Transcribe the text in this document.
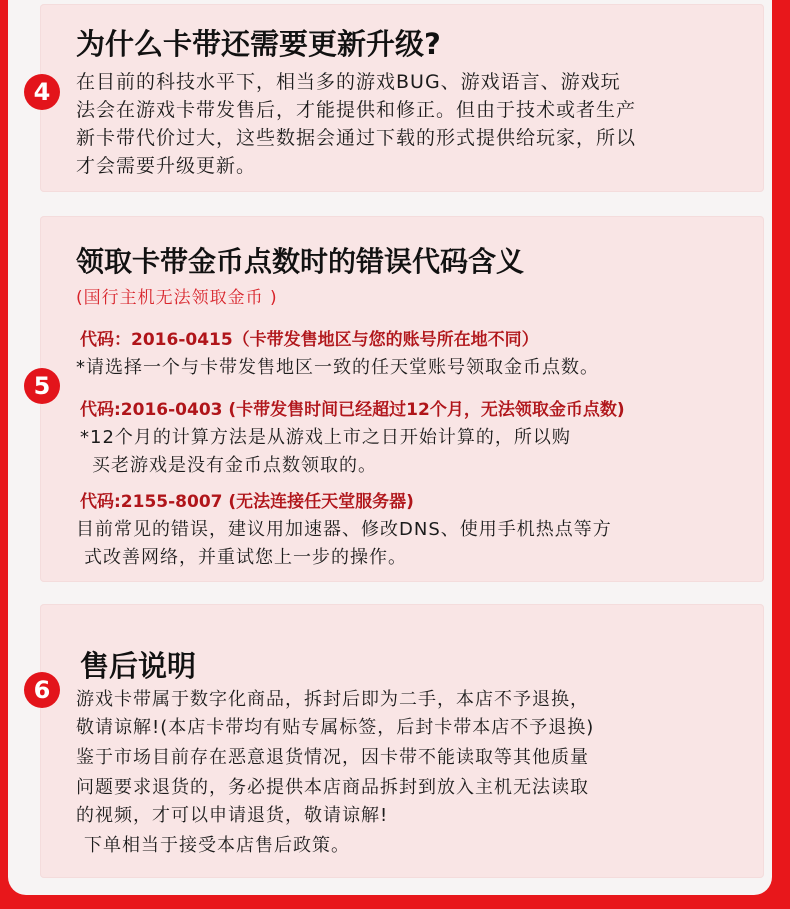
为什么卡带还需要更新升级?
在目前的科技水平下，相当多的游戏BUG、游戏语言、游戏玩
法会在游戏卡带发售后，才能提供和修正。但由于技术或者生产
新卡带代价过大，这些数据会通过下载的形式提供给玩家，所以
才会需要升级更新。
4
领取卡带金币点数时的错误代码含义
(国行主机无法领取金币 )
代码：2016-0415（卡带发售地区与您的账号所在地不同）
*请选择一个与卡带发售地区一致的任天堂账号领取金币点数。
代码:2016-0403 (卡带发售时间已经超过12个月，无法领取金币点数)
*12个月的计算方法是从游戏上市之日开始计算的，所以购
买老游戏是没有金币点数领取的。
代码:2155-8007 (无法连接任天堂服务器)
目前常见的错误，建议用加速器、修改DNS、使用手机热点等方
式改善网络，并重试您上一步的操作。
5
售后说明
游戏卡带属于数字化商品，拆封后即为二手，本店不予退换，
敬请谅解!(本店卡带均有贴专属标签，后封卡带本店不予退换)
鉴于市场目前存在恶意退货情况，因卡带不能读取等其他质量
问题要求退货的，务必提供本店商品拆封到放入主机无法读取
的视频，才可以申请退货，敬请谅解!
下单相当于接受本店售后政策。
6
